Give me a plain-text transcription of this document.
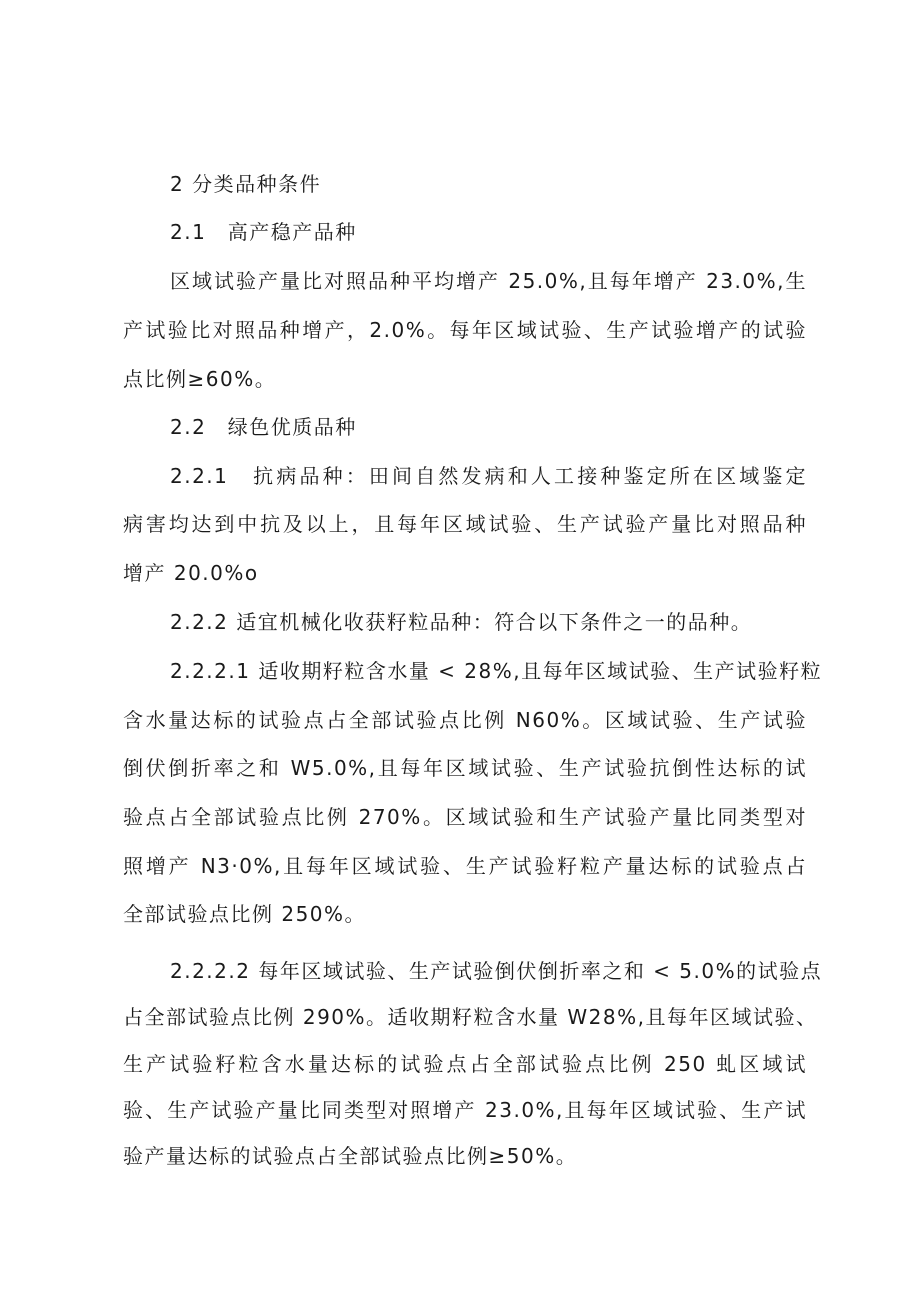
2 分类品种条件
2.1　高产稳产品种
区域试验产量比对照品种平均增产 25.0%,且每年增产 23.0%,生
产试验比对照品种增产，2.0%。每年区域试验、生产试验增产的试验
点比例≥60%。
2.2　绿色优质品种
2.2.1　抗病品种：田间自然发病和人工接种鉴定所在区域鉴定
病害均达到中抗及以上，且每年区域试验、生产试验产量比对照品种
增产 20.0%o
2.2.2 适宜机械化收获籽粒品种：符合以下条件之一的品种。
2.2.2.1 适收期籽粒含水量 < 28%,且每年区域试验、生产试验籽粒
含水量达标的试验点占全部试验点比例 N60%。区域试验、生产试验
倒伏倒折率之和 W5.0%,且每年区域试验、生产试验抗倒性达标的试
验点占全部试验点比例 270%。区域试验和生产试验产量比同类型对
照增产 N3·0%,且每年区域试验、生产试验籽粒产量达标的试验点占
全部试验点比例 250%。
2.2.2.2 每年区域试验、生产试验倒伏倒折率之和 < 5.0%的试验点
占全部试验点比例 290%。适收期籽粒含水量 W28%,且每年区域试验、
生产试验籽粒含水量达标的试验点占全部试验点比例 250 虬区域试
验、生产试验产量比同类型对照增产 23.0%,且每年区域试验、生产试
验产量达标的试验点占全部试验点比例≥50%。
